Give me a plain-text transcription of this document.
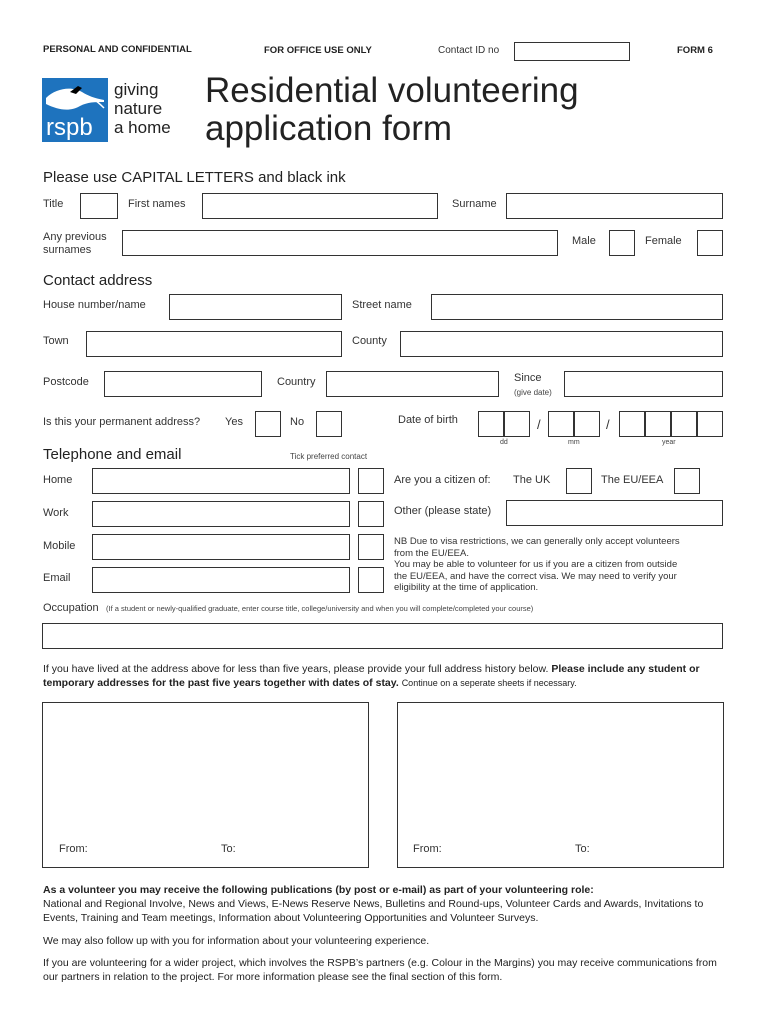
PERSONAL AND CONFIDENTIAL	FOR OFFICE USE ONLY	Contact ID no	FORM 6
rspb
giving
nature
a home
Residential volunteering
application form
Please use CAPITAL LETTERS and black ink
Title	First names	Surname
Any previous
surnames
Male	Female
Contact address
House number/name	Street name
Town	County
Postcode	Country	Since
(give date)
Is this your permanent address? Yes	No	Date of birth	/	/
dd	mm	year
Telephone and email	Tick preferred contact
Home
Work
Mobile
Email
Are you a citizen of: The UK	The EU/EEA
Other (please state)
NB Due to visa restrictions, we can generally only accept volunteers
from the EU/EEA.
You may be able to volunteer for us if you are a citizen from outside
the EU/EEA, and have the correct visa. We may need to verify your
eligibility at the time of application.
Occupation (If a student or newly-qualified graduate, enter course title, college/university and when you will complete/completed your course)
If you have lived at the address above for less than five years, please provide your full address history below. Please include any student or temporary addresses for the past five years together with dates of stay. Continue on a seperate sheets if necessary.
From:	To:	From:	To:
As a volunteer you may receive the following publications (by post or e-mail) as part of your volunteering role:
National and Regional Involve, News and Views, E-News Reserve News, Bulletins and Round-ups, Volunteer Cards and Awards, Invitations to Events, Training and Team meetings, Information about Volunteering Opportunities and Volunteer Surveys.
We may also follow up with you for information about your volunteering experience.
If you are volunteering for a wider project, which involves the RSPB’s partners (e.g. Colour in the Margins) you may receive communications from our partners in relation to the project. For more information please see the final section of this form.
